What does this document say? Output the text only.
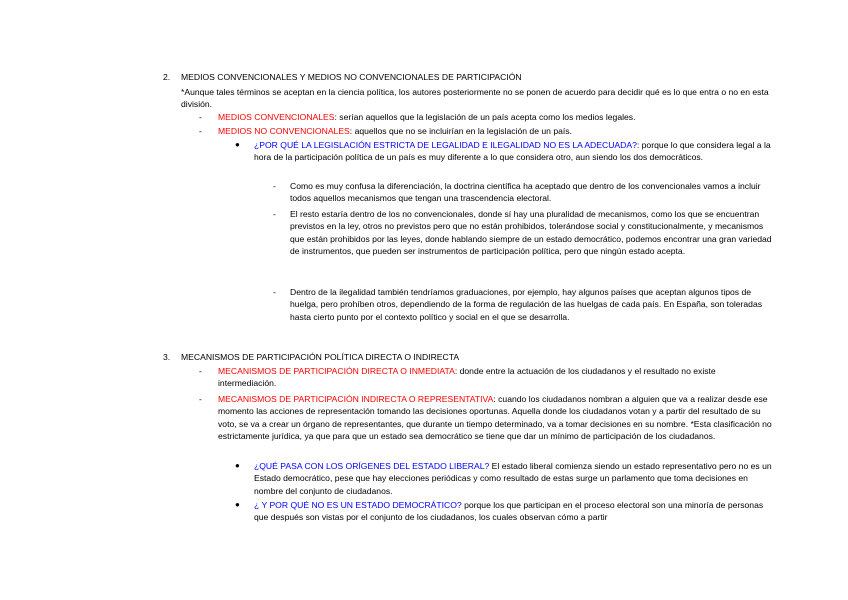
2. MEDIOS CONVENCIONALES Y MEDIOS NO CONVENCIONALES DE PARTICIPACIÓN

*Aunque tales términos se aceptan en la ciencia política, los autores posteriormente no se ponen de acuerdo para decidir qué es lo que entra o no en esta división.

- MEDIOS CONVENCIONALES: serían aquellos que la legislación de un país acepta como los medios legales.

- MEDIOS NO CONVENCIONALES: aquellos que no se incluirían en la legislación de un país.

● ¿POR QUÉ LA LEGISLACIÓN ESTRICTA DE LEGALIDAD E ILEGALIDAD NO ES LA ADECUADA?: porque lo que considera legal a la hora de la participación política de un país es muy diferente a lo que considera otro, aun siendo los dos democráticos.

- Como es muy confusa la diferenciación, la doctrina científica ha aceptado que dentro de los convencionales vamos a incluir todos aquellos mecanismos que tengan una trascendencia electoral.

- El resto estaría dentro de los no convencionales, donde sí hay una pluralidad de mecanismos, como los que se encuentran previstos en la ley, otros no previstos pero que no están prohibidos, tolerándose social y constitucionalmente, y mecanismos que están prohibidos por las leyes, donde hablando siempre de un estado democrático, podemos encontrar una gran variedad de instrumentos, que pueden ser instrumentos de participación política, pero que ningún estado acepta.

- Dentro de la ilegalidad también tendríamos graduaciones, por ejemplo, hay algunos países que aceptan algunos tipos de huelga, pero prohíben otros, dependiendo de la forma de regulación de las huelgas de cada país. En España, son toleradas hasta cierto punto por el contexto político y social en el que se desarrolla.

3. MECANISMOS DE PARTICIPACIÓN POLÍTICA DIRECTA O INDIRECTA

- MECANISMOS DE PARTICIPACIÓN DIRECTA O INMEDIATA: donde entre la actuación de los ciudadanos y el resultado no existe intermediación.

- MECANISMOS DE PARTICIPACIÓN INDIRECTA O REPRESENTATIVA: cuando los ciudadanos nombran a alguien que va a realizar desde ese momento las acciones de representación tomando las decisiones oportunas. Aquella donde los ciudadanos votan y a partir del resultado de su voto, se va a crear un órgano de representantes, que durante un tiempo determinado, va a tomar decisiones en su nombre. *Esta clasificación no estrictamente jurídica, ya que para que un estado sea democrático se tiene que dar un mínimo de participación de los ciudadanos.

● ¿QUÉ PASA CON LOS ORÍGENES DEL ESTADO LIBERAL? El estado liberal comienza siendo un estado representativo pero no es un Estado democrático, pese que hay elecciones periódicas y como resultado de estas surge un parlamento que toma decisiones en nombre del conjunto de ciudadanos.

● ¿ Y POR QUÉ NO ES UN ESTADO DEMOCRÁTICO? porque los que participan en el proceso electoral son una minoría de personas que después son vistas por el conjunto de los ciudadanos, los cuales observan cómo a partir
